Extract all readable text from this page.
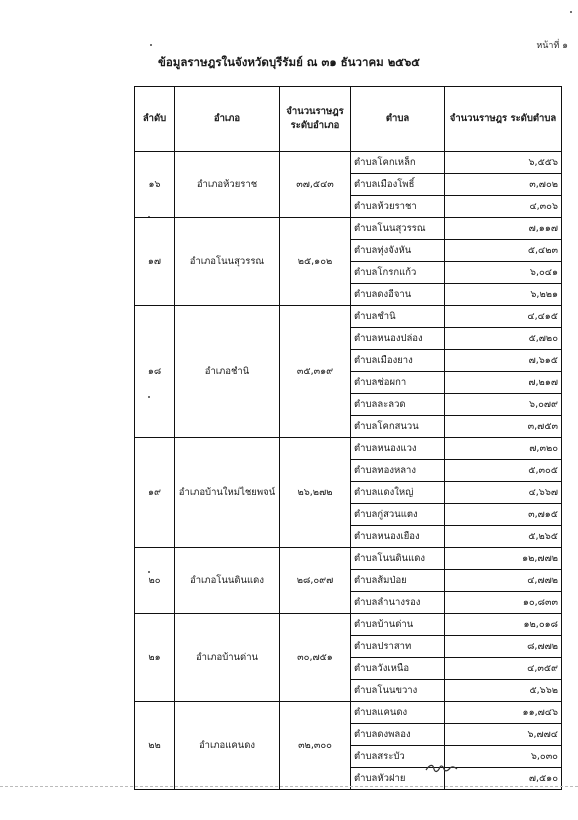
หน้าที่ ๑
ข้อมูลราษฎรในจังหวัดบุรีรัมย์ ณ ๓๑ ธันวาคม ๒๕๖๕
ลำดับ	อำเภอ	จำนวนราษฎร ระดับอำเภอ	ตำบล	จำนวนราษฎร ระดับตำบล
๑๖	อำเภอห้วยราช	๓๗,๕๔๓	ตำบลโคกเหล็ก	๖,๕๕๖
			ตำบลเมืองโพธิ์	๓,๗๐๒
			ตำบลห้วยราชา	๔,๓๐๖
๑๗	อำเภอโนนสุวรรณ	๒๕,๑๐๒	ตำบลโนนสุวรรณ	๗,๑๑๗
			ตำบลทุ่งจังหัน	๕,๔๒๓
			ตำบลโกรกแก้ว	๖,๐๔๑
			ตำบลดงอีจาน	๖,๒๒๑
๑๘	อำเภอชำนิ	๓๕,๓๑๙	ตำบลชำนิ	๔,๔๑๕
			ตำบลหนองปล่อง	๕,๗๒๐
			ตำบลเมืองยาง	๗,๖๑๕
			ตำบลช่อผกา	๗,๒๑๗
			ตำบลละลวด	๖,๐๗๙
			ตำบลโคกสนวน	๓,๗๕๓
๑๙	อำเภอบ้านใหม่ไชยพจน์	๒๖,๒๗๒	ตำบลหนองแวง	๗,๓๒๐
			ตำบลทองหลาง	๕,๓๐๕
			ตำบลแดงใหญ่	๔,๖๖๗
			ตำบลกู่สวนแตง	๓,๗๑๕
			ตำบลหนองเยือง	๕,๒๖๕
๒๐	อำเภอโนนดินแดง	๒๘,๐๙๗	ตำบลโนนดินแดง	๑๒,๗๗๒
			ตำบลส้มป่อย	๔,๗๗๒
			ตำบลลำนางรอง	๑๐,๘๓๓
๒๑	อำเภอบ้านด่าน	๓๐,๗๕๑	ตำบลบ้านด่าน	๑๒,๐๑๘
			ตำบลปราสาท	๘,๗๗๒
			ตำบลวังเหนือ	๔,๓๕๙
			ตำบลโนนขวาง	๕,๖๖๒
๒๒	อำเภอแคนดง	๓๒,๓๐๐	ตำบลแคนดง	๑๑,๗๔๖
			ตำบลดงพลอง	๖,๗๗๔
			ตำบลสระบัว	๖,๐๓๐
			ตำบลหัวฝาย	๗,๕๑๐
